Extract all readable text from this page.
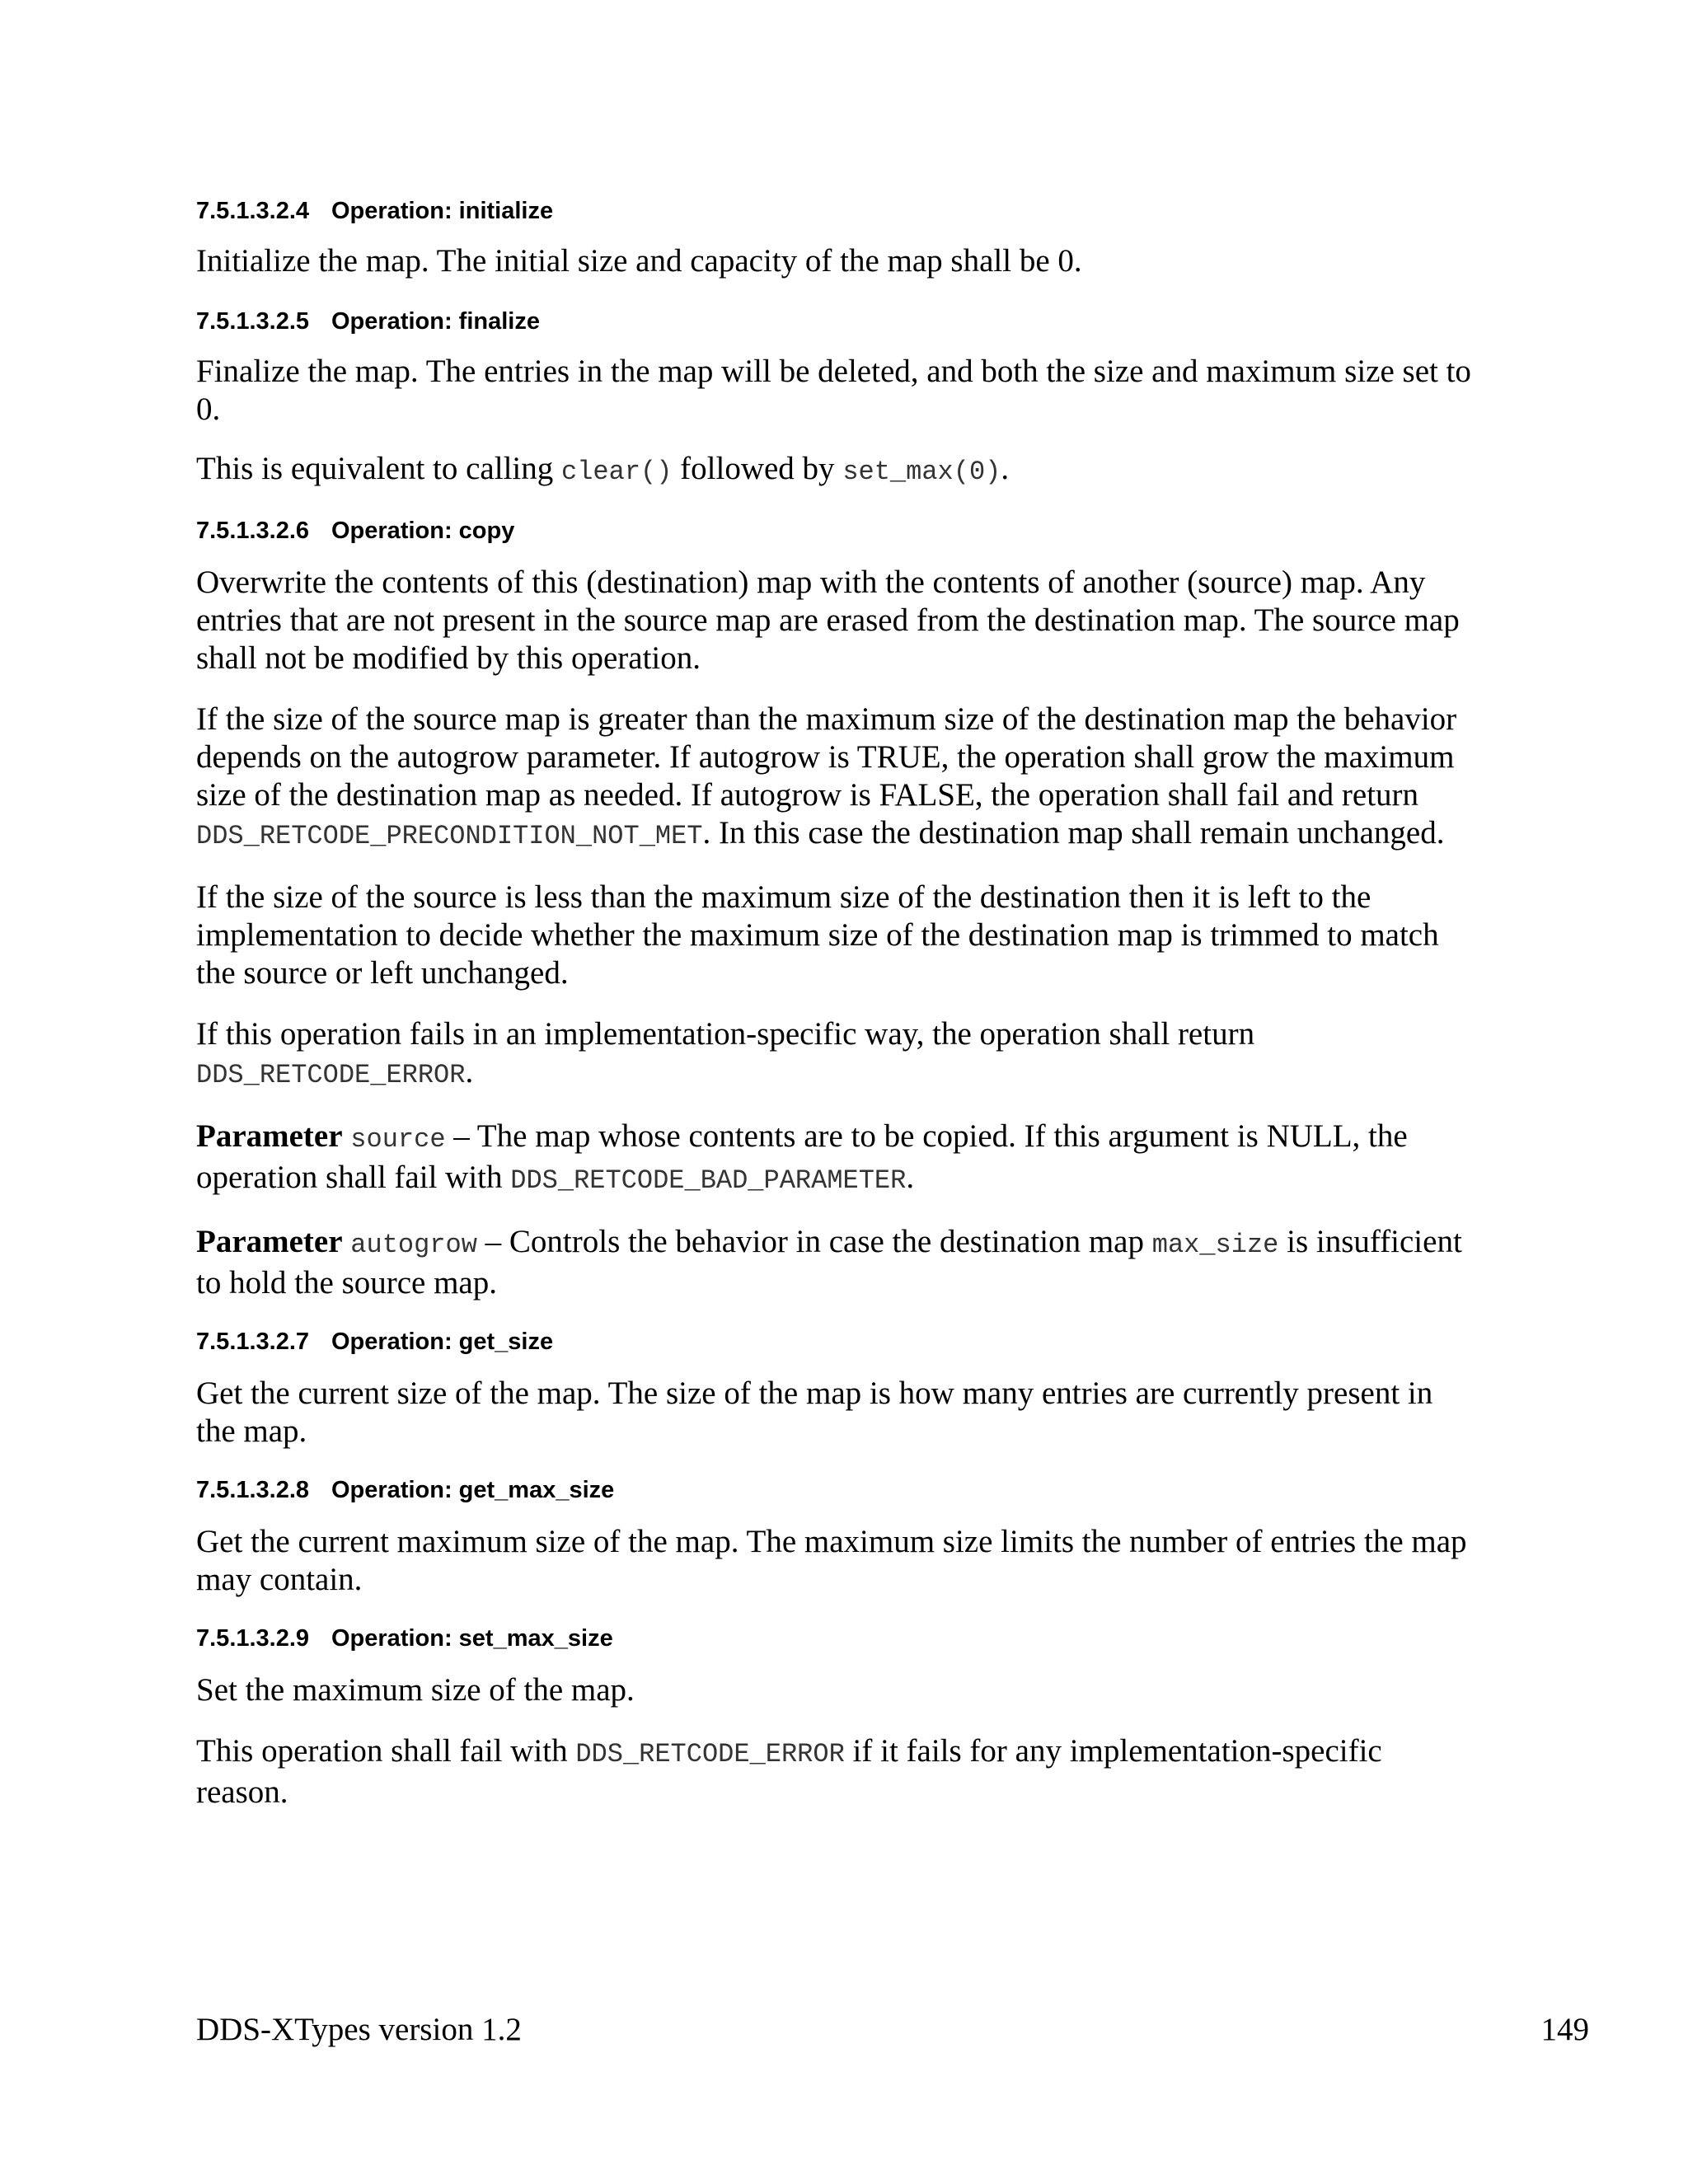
7.5.1.3.2.4 Operation: initialize

Initialize the map. The initial size and capacity of the map shall be 0.

7.5.1.3.2.5 Operation: finalize

Finalize the map. The entries in the map will be deleted, and both the size and maximum size set to 0.

This is equivalent to calling clear() followed by set_max(0).

7.5.1.3.2.6 Operation: copy

Overwrite the contents of this (destination) map with the contents of another (source) map. Any entries that are not present in the source map are erased from the destination map. The source map shall not be modified by this operation.

If the size of the source map is greater than the maximum size of the destination map the behavior depends on the autogrow parameter. If autogrow is TRUE, the operation shall grow the maximum size of the destination map as needed. If autogrow is FALSE, the operation shall fail and return DDS_RETCODE_PRECONDITION_NOT_MET. In this case the destination map shall remain unchanged.

If the size of the source is less than the maximum size of the destination then it is left to the implementation to decide whether the maximum size of the destination map is trimmed to match the source or left unchanged.

If this operation fails in an implementation-specific way, the operation shall return DDS_RETCODE_ERROR.

Parameter source – The map whose contents are to be copied. If this argument is NULL, the operation shall fail with DDS_RETCODE_BAD_PARAMETER.

Parameter autogrow – Controls the behavior in case the destination map max_size is insufficient to hold the source map.

7.5.1.3.2.7 Operation: get_size

Get the current size of the map. The size of the map is how many entries are currently present in the map.

7.5.1.3.2.8 Operation: get_max_size

Get the current maximum size of the map. The maximum size limits the number of entries the map may contain.

7.5.1.3.2.9 Operation: set_max_size

Set the maximum size of the map.

This operation shall fail with DDS_RETCODE_ERROR if it fails for any implementation-specific reason.

DDS-XTypes version 1.2	149
